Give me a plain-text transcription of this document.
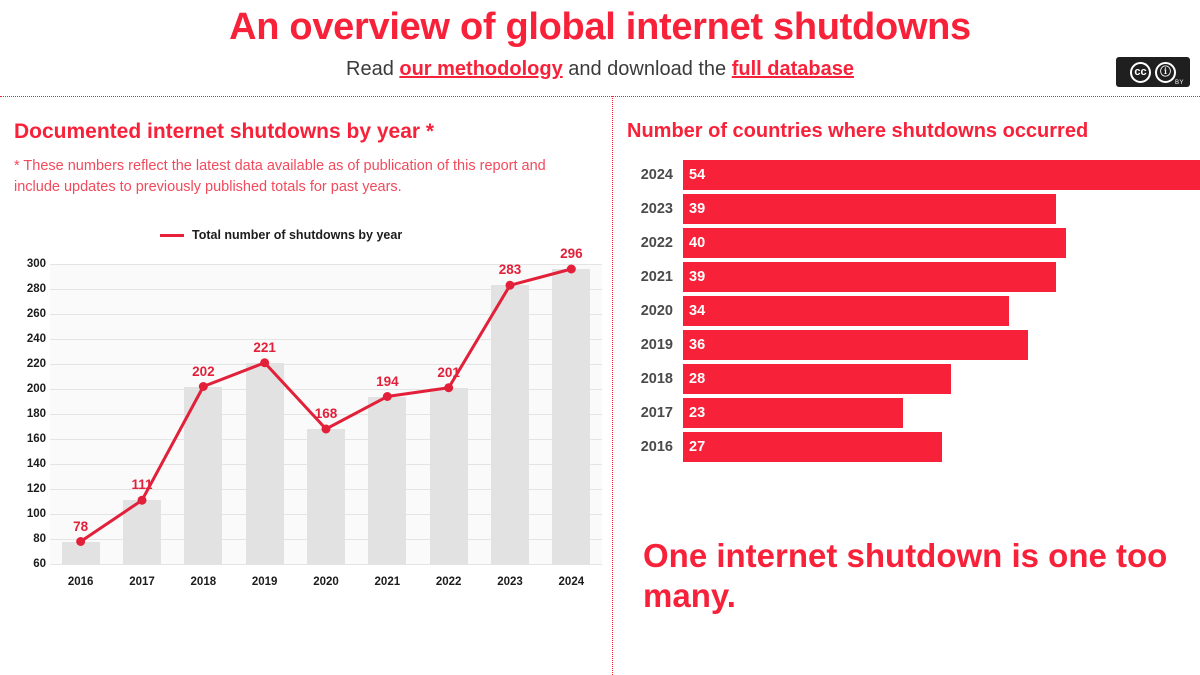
An overview of global internet shutdowns
Read our methodology and download the full database	cc	ⓘ
BY
Documented internet shutdowns by year *
* These numbers reflect the latest data available as of publication of this report and include updates to previously published totals for past years.
Total number of shutdowns by year
60
80
100
120
140
160
180
200
220
240
260
280
300
78
111
202
221
168
194
201
283
296
2016	2017	2018	2019	2020	2021	2022	2023	2024
Number of countries where shutdowns occurred
2024	54
2023	39
2022	40
2021	39
2020	34
2019	36
2018	28
2017	23
2016	27
One internet shutdown is one too many.
